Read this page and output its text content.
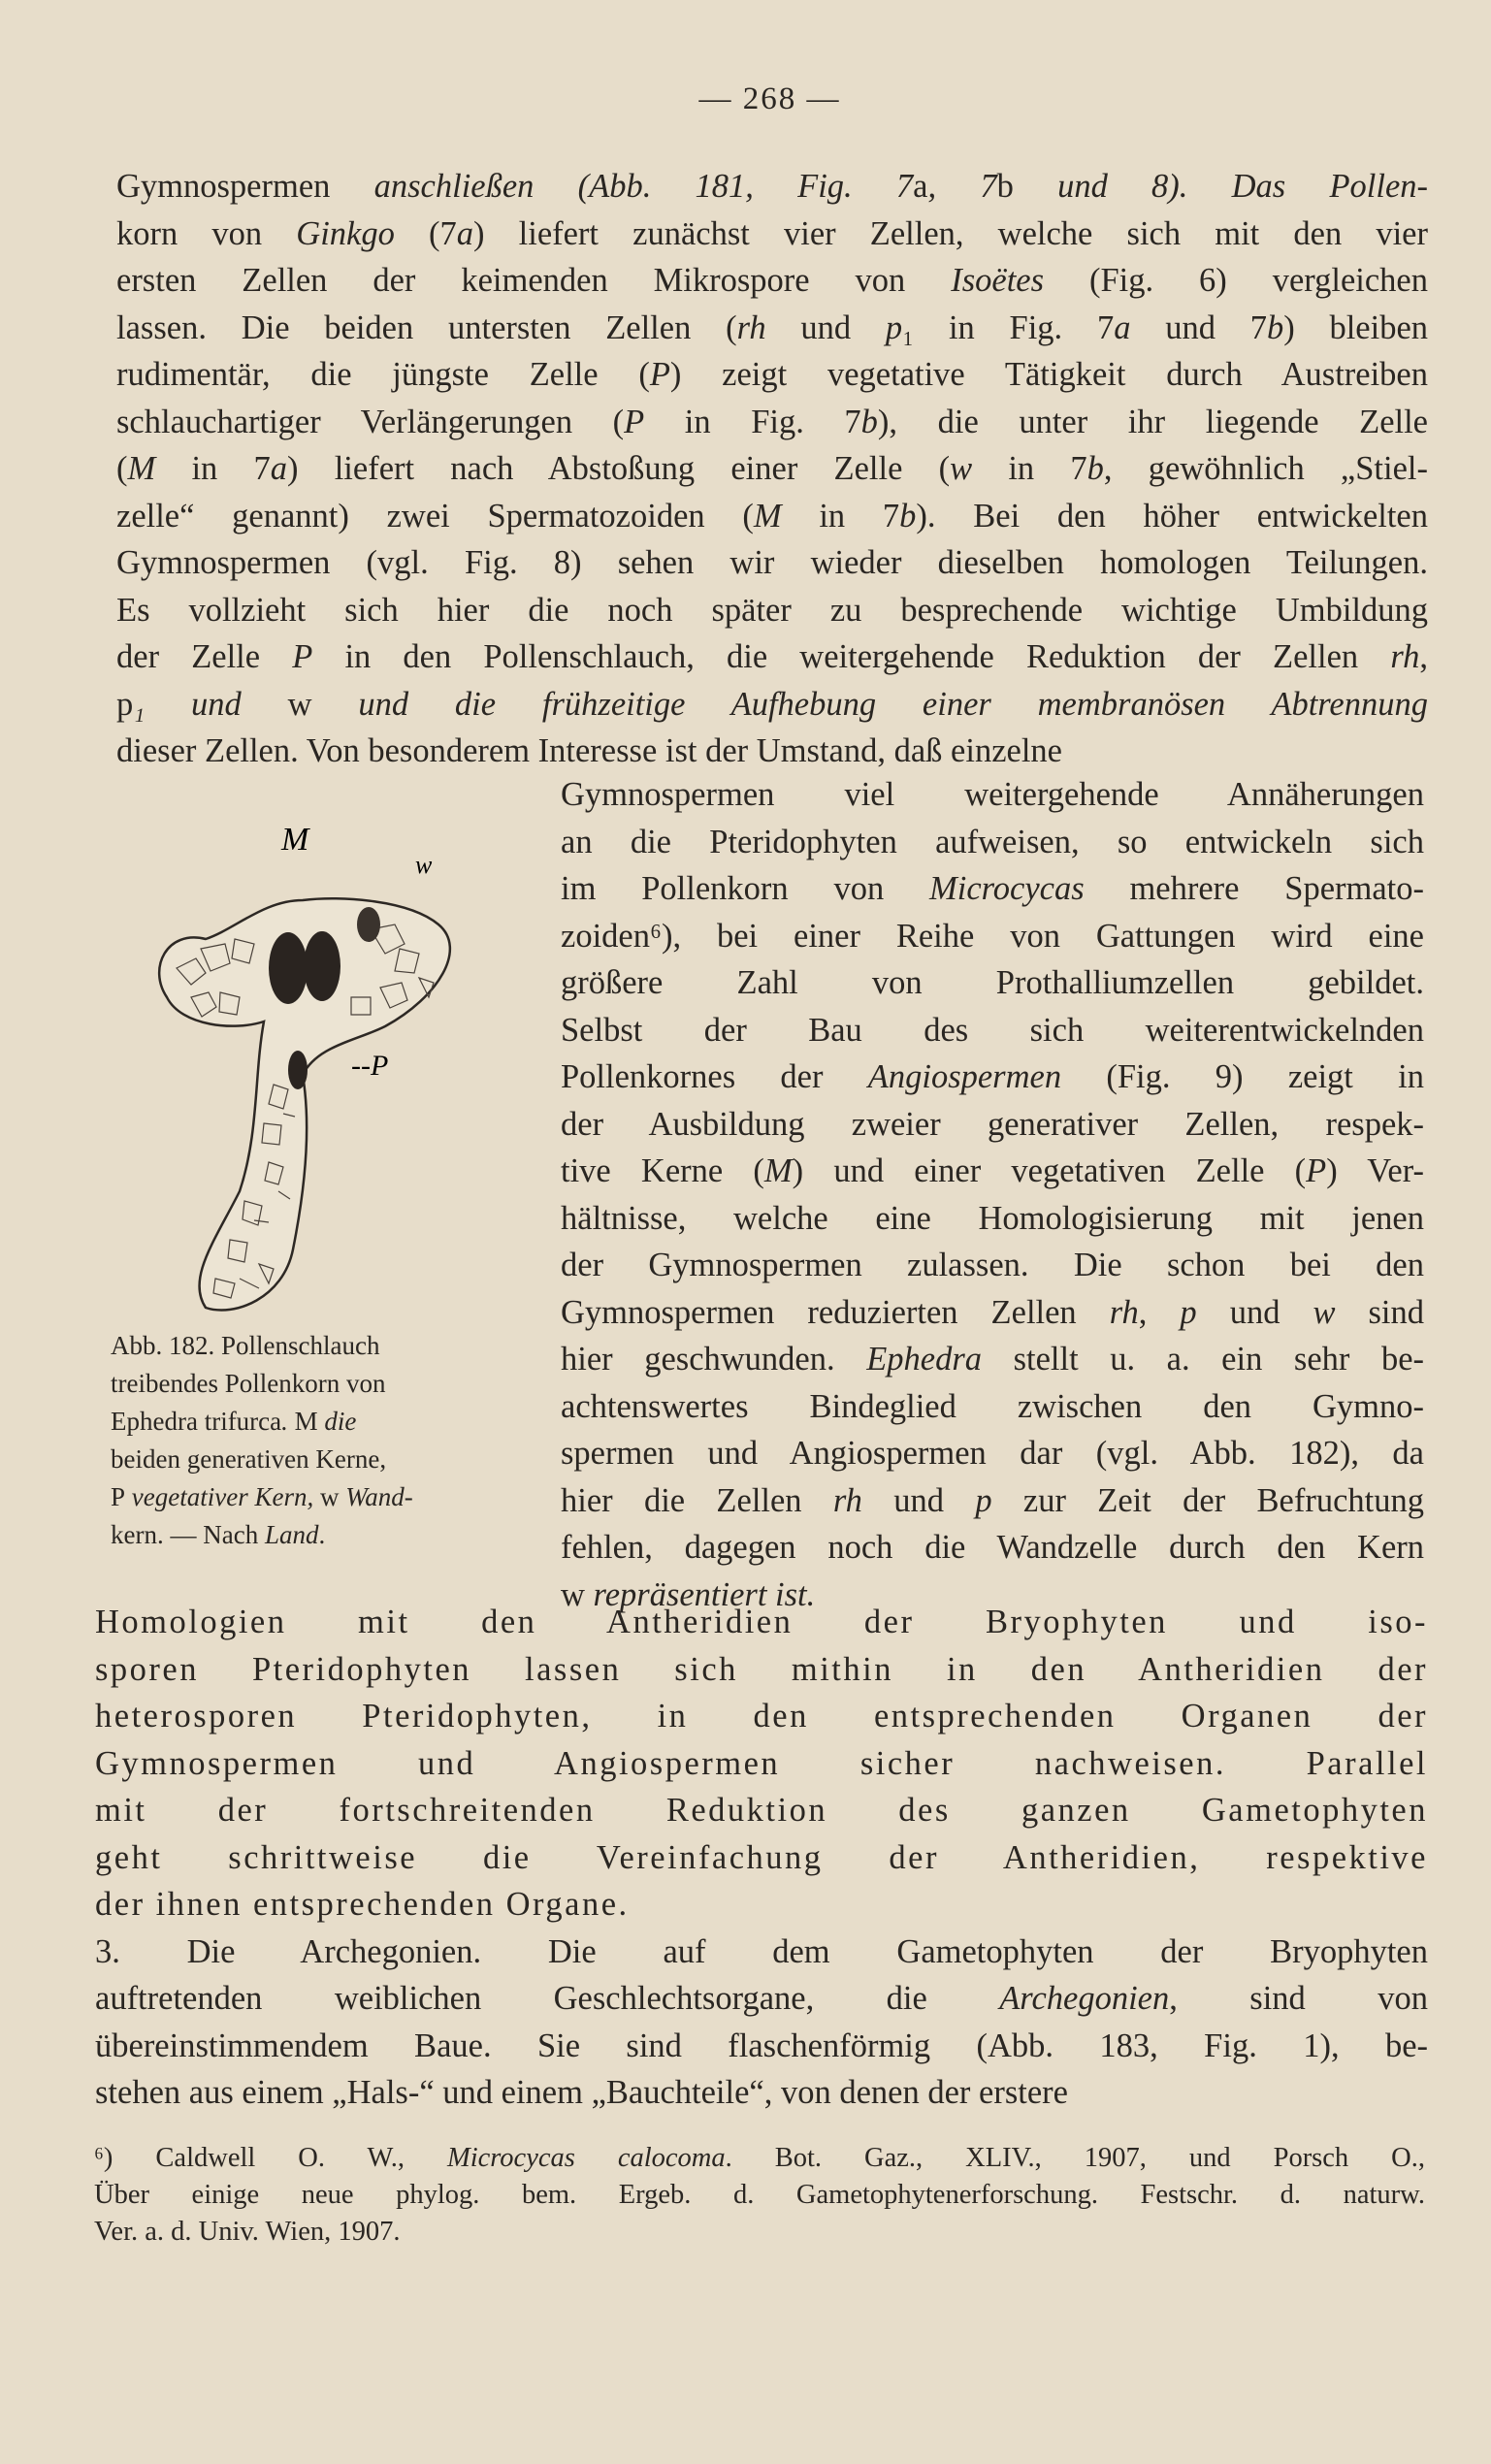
— 268 —
Gymnospermen anschließen (Abb. 181, Fig. 7a, 7b und 8). Das Pollen-
korn von Ginkgo (7a) liefert zunächst vier Zellen, welche sich mit den vier
ersten Zellen der keimenden Mikrospore von Isoëtes (Fig. 6) vergleichen
lassen. Die beiden untersten Zellen (rh und p₁ in Fig. 7a und 7b) bleiben
rudimentär, die jüngste Zelle (P) zeigt vegetative Tätigkeit durch Austreiben
schlauchartiger Verlängerungen (P in Fig. 7b), die unter ihr liegende Zelle
(M in 7a) liefert nach Abstoßung einer Zelle (w in 7b, gewöhnlich „Stiel-
zelle“ genannt) zwei Spermatozoiden (M in 7b). Bei den höher entwickelten
Gymnospermen (vgl. Fig. 8) sehen wir wieder dieselben homologen Teilungen.
Es vollzieht sich hier die noch später zu besprechende wichtige Umbildung
der Zelle P in den Pollenschlauch, die weitergehende Reduktion der Zellen rh,
p₁ und w und die frühzeitige Aufhebung einer membranösen Abtrennung
dieser Zellen. Von besonderem Interesse ist der Umstand, daß einzelne
Gymnospermen viel weitergehende Annäherungen
an die Pteridophyten aufweisen, so entwickeln sich
im Pollenkorn von Microcycas mehrere Spermato-
zoiden⁶), bei einer Reihe von Gattungen wird eine
größere Zahl von Prothalliumzellen gebildet.
Selbst der Bau des sich weiterentwickelnden
Pollenkornes der Angiospermen (Fig. 9) zeigt in
der Ausbildung zweier generativer Zellen, respek-
tive Kerne (M) und einer vegetativen Zelle (P) Ver-
hältnisse, welche eine Homologisierung mit jenen
der Gymnospermen zulassen. Die schon bei den
Gymnospermen reduzierten Zellen rh, p und w sind
hier geschwunden. Ephedra stellt u. a. ein sehr be-
achtenswertes Bindeglied zwischen den Gymno-
spermen und Angiospermen dar (vgl. Abb. 182), da
hier die Zellen rh und p zur Zeit der Befruchtung
fehlen, dagegen noch die Wandzelle durch den Kern
w repräsentiert ist.
M
w
--P
Abb. 182. Pollenschlauch
treibendes Pollenkorn von
Ephedra trifurca. M die
beiden generativen Kerne,
P vegetativer Kern, w Wand-
kern. — Nach Land.
Homologien mit den Antheridien der Bryophyten und iso-
sporen Pteridophyten lassen sich mithin in den Antheridien der
heterosporen Pteridophyten, in den entsprechenden Organen der
Gymnospermen und Angiospermen sicher nachweisen. Parallel
mit der fortschreitenden Reduktion des ganzen Gametophyten
geht schrittweise die Vereinfachung der Antheridien, respektive
der ihnen entsprechenden Organe.
3. Die Archegonien. Die auf dem Gametophyten der Bryophyten
auftretenden weiblichen Geschlechtsorgane, die Archegonien, sind von
übereinstimmendem Baue. Sie sind flaschenförmig (Abb. 183, Fig. 1), be-
stehen aus einem „Hals-“ und einem „Bauchteile“, von denen der erstere
⁶) Caldwell O. W., Microcycas calocoma. Bot. Gaz., XLIV., 1907, und Porsch O.,
Über einige neue phylog. bem. Ergeb. d. Gametophytenerforschung. Festschr. d. naturw.
Ver. a. d. Univ. Wien, 1907.
